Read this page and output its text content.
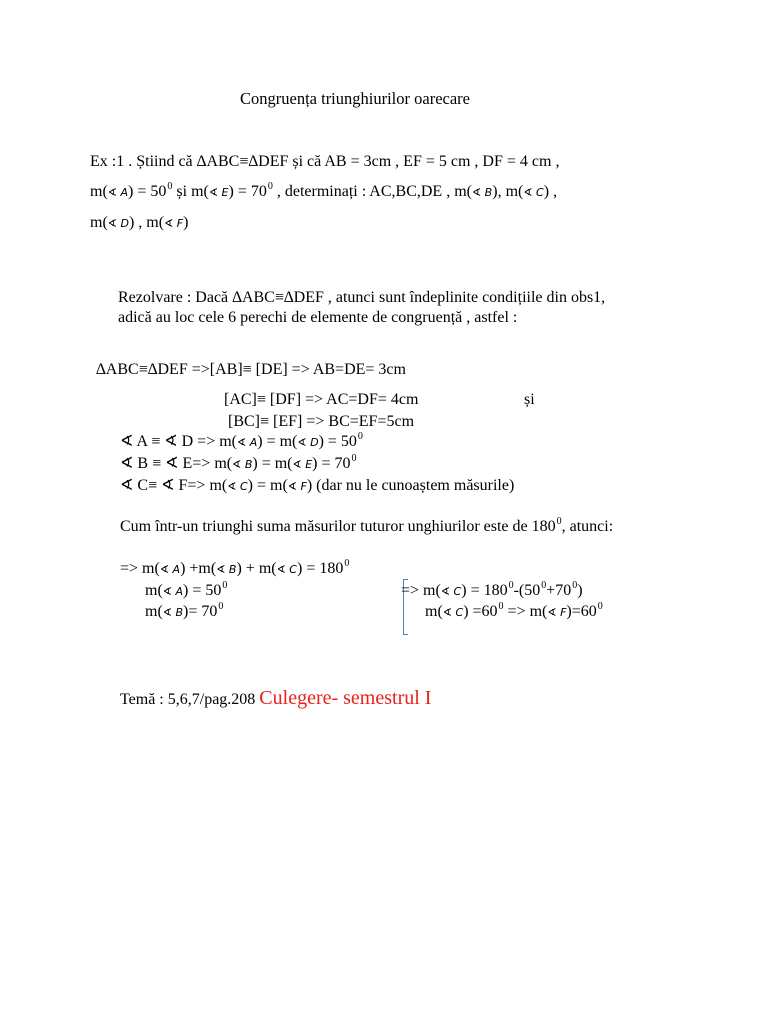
Congruența triunghiurilor oarecare
Ex :1 . Știind că ∆ABC≡∆DEF și că AB = 3cm , EF = 5 cm , DF = 4 cm ,
m(∢ $A) = 50^0$ și m(∢ $E) = 70^0$ , determinați : AC,BC,DE , m(∢ B), m(∢ C) ,
m(∢ D) , m(∢ F)
Rezolvare : Dacă ∆ABC≡∆DEF , atunci sunt îndeplinite condițiile din obs1,
adică au loc cele 6 perechi de elemente de congruență , astfel :
∆ABC≡∆DEF =>[AB]≡ [DE] => AB=DE= 3cm
[AC]≡ [DF] => AC=DF= 4cm	și
[BC]≡ [EF] => BC=EF=5cm
∢ A ≡ ∢ D => m(∢ A) = m(∢ $D) = 50^0$
∢ B ≡ ∢ E=> m(∢ B) = m(∢ $E) = 70^0$
∢ C≡ ∢ F=> m(∢ C) = m(∢ F) (dar nu le cunoaștem măsurile)
Cum într-un triunghi suma măsurilor tuturor unghiurilor este de $180^0$, atunci:
=> m(∢ A) +m(∢ B) + m(∢ $C) = 180^0$
m(∢ $A) = 50^0$
m(∢ $B)= 70^0$
=> m(∢ $C) = 180^0-(50^0+70^0)$
m(∢ $C) =60^0$ => m(∢ $F)=60^0$
Temă : 5,6,7/pag.208 Culegere- semestrul I
